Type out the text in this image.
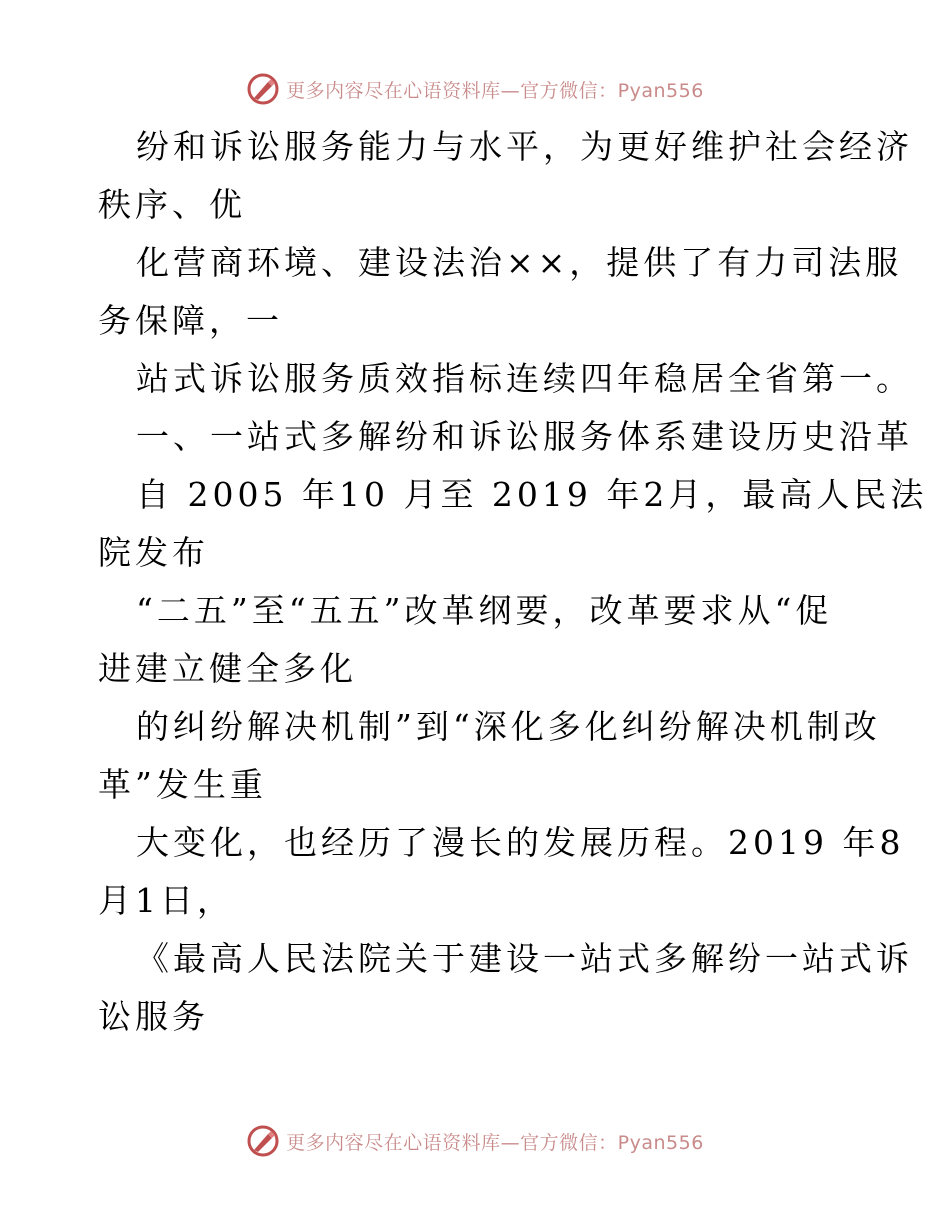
更多内容尽在心语资料库—官方微信：Pyan556
纷和诉讼服务能力与水平，为更好维护社会经济
秩序、优
化营商环境、建设法治××，提供了有力司法服
务保障，一
站式诉讼服务质效指标连续四年稳居全省第一。
一、一站式多解纷和诉讼服务体系建设历史沿革
自 2005 年10 月至 2019 年2月，最高人民法
院发布
“二五”至“五五”改革纲要，改革要求从“促
进建立健全多化
的纠纷解决机制”到“深化多化纠纷解决机制改
革”发生重
大变化，也经历了漫长的发展历程。2019 年8
月1日，
《最高人民法院关于建设一站式多解纷一站式诉
讼服务
更多内容尽在心语资料库—官方微信：Pyan556
